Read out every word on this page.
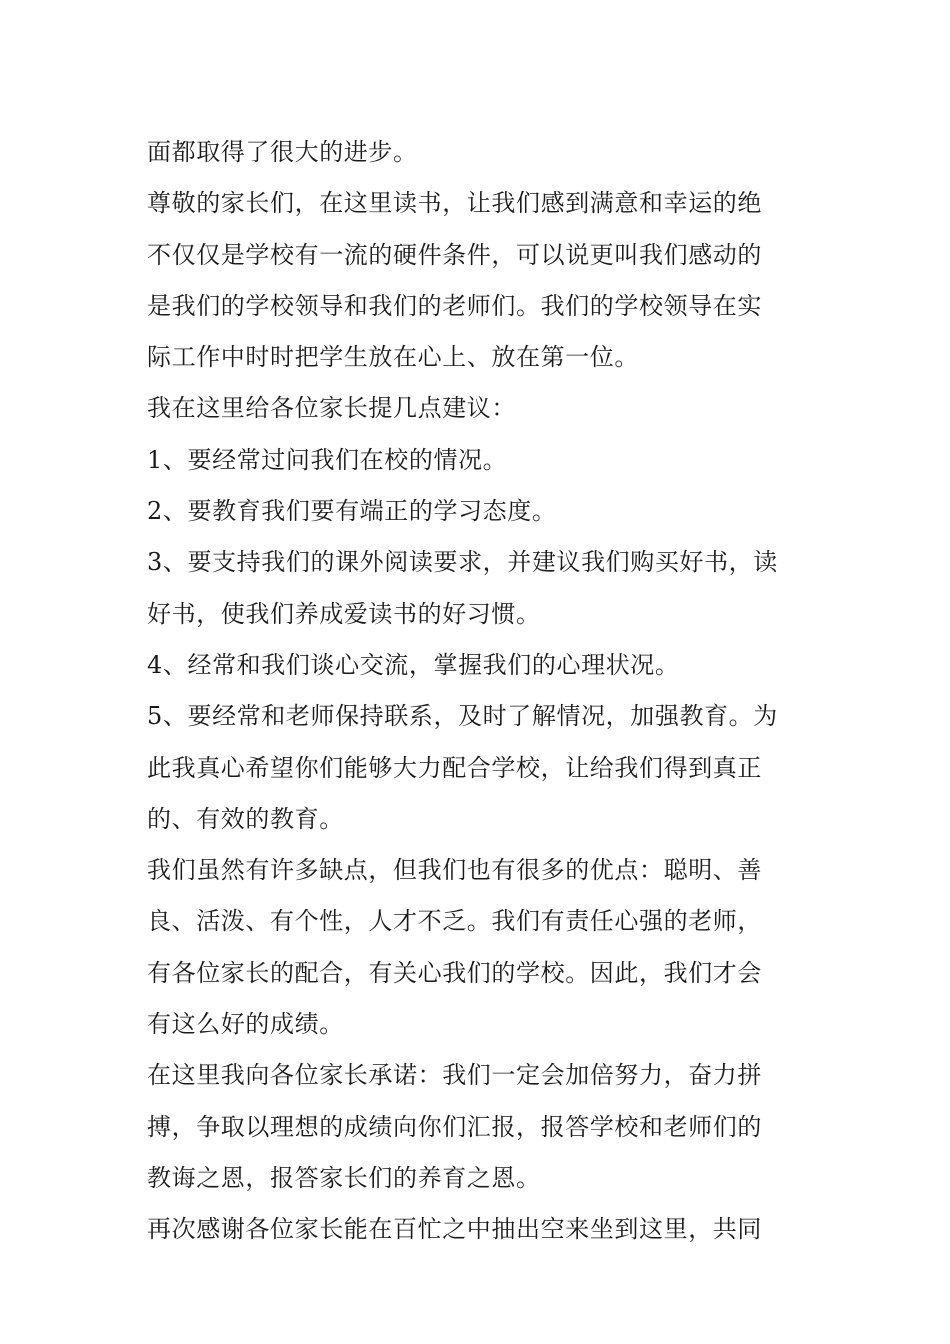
面都取得了很大的进步。
尊敬的家长们，在这里读书，让我们感到满意和幸运的绝
不仅仅是学校有一流的硬件条件，可以说更叫我们感动的
是我们的学校领导和我们的老师们。我们的学校领导在实
际工作中时时把学生放在心上、放在第一位。
我在这里给各位家长提几点建议：
1、要经常过问我们在校的情况。
2、要教育我们要有端正的学习态度。
3、要支持我们的课外阅读要求，并建议我们购买好书，读
好书，使我们养成爱读书的好习惯。
4、经常和我们谈心交流，掌握我们的心理状况。
5、要经常和老师保持联系，及时了解情况，加强教育。为
此我真心希望你们能够大力配合学校，让给我们得到真正
的、有效的教育。
我们虽然有许多缺点，但我们也有很多的优点：聪明、善
良、活泼、有个性，人才不乏。我们有责任心强的老师，
有各位家长的配合，有关心我们的学校。因此，我们才会
有这么好的成绩。
在这里我向各位家长承诺：我们一定会加倍努力，奋力拼
搏，争取以理想的成绩向你们汇报，报答学校和老师们的
教诲之恩，报答家长们的养育之恩。
再次感谢各位家长能在百忙之中抽出空来坐到这里，共同
